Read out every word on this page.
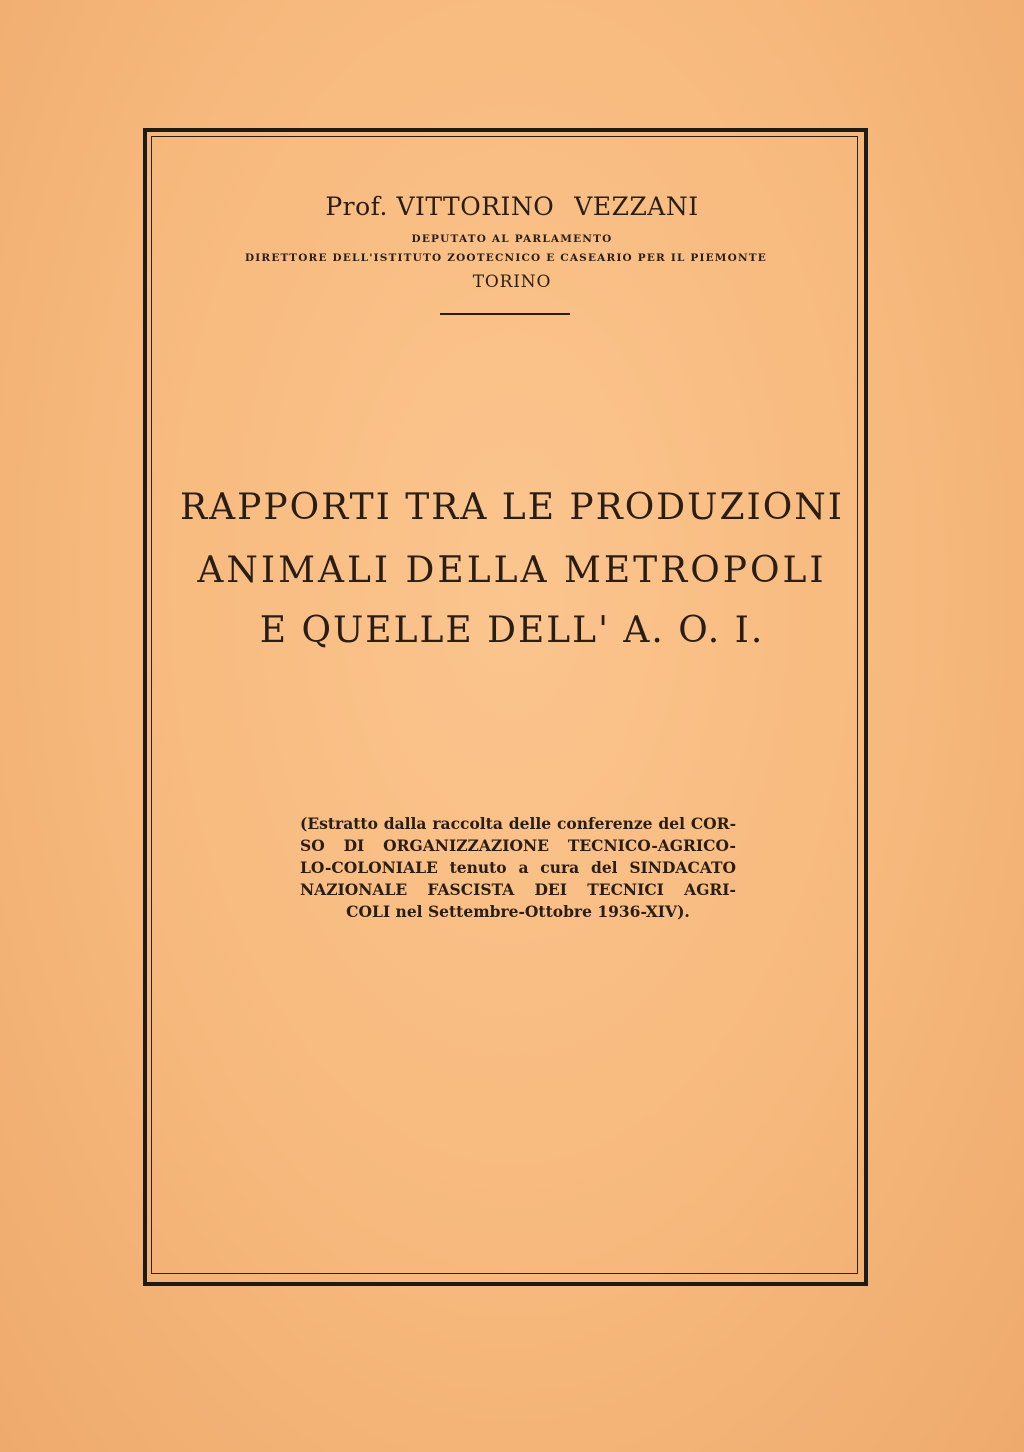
Prof. VITTORINO VEZZANI
DEPUTATO AL PARLAMENTO
DIRETTORE DELL'ISTITUTO ZOOTECNICO E CASEARIO PER IL PIEMONTE
TORINO
RAPPORTI TRA LE PRODUZIONI
ANIMALI DELLA METROPOLI
E QUELLE DELL' A. O. I.
(Estratto dalla raccolta delle conferenze del COR-
SO DI ORGANIZZAZIONE TECNICO-AGRICO-
LO-COLONIALE tenuto a cura del SINDACATO
NAZIONALE FASCISTA DEI TECNICI AGRI-
COLI nel Settembre-Ottobre 1936-XIV).
